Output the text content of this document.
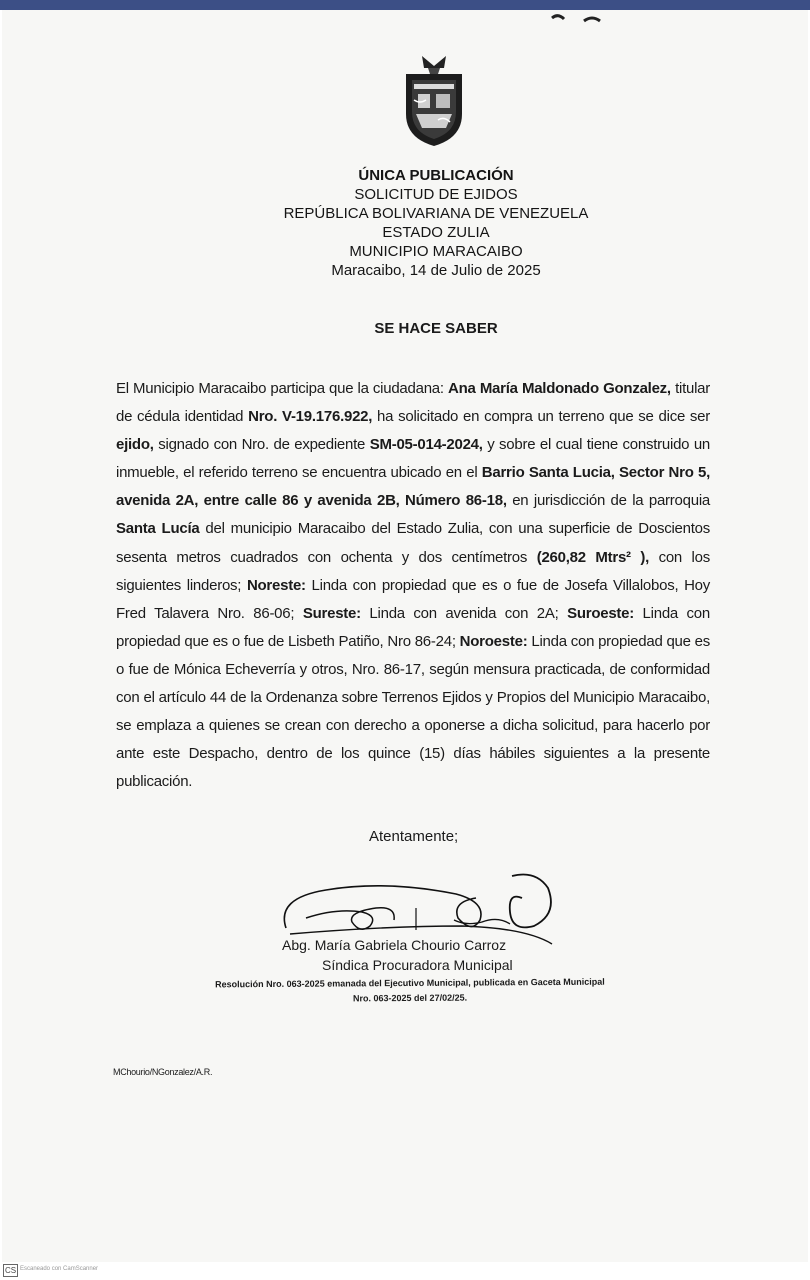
ÚNICA PUBLICACIÓN
SOLICITUD DE EJIDOS
REPÚBLICA BOLIVARIANA DE VENEZUELA
ESTADO ZULIA
MUNICIPIO MARACAIBO
Maracaibo, 14 de Julio de 2025
SE HACE SABER
El Municipio Maracaibo participa que la ciudadana: Ana María Maldonado Gonzalez, titular de cédula identidad Nro. V-19.176.922, ha solicitado en compra un terreno que se dice ser ejido, signado con Nro. de expediente SM-05-014-2024, y sobre el cual tiene construido un inmueble, el referido terreno se encuentra ubicado en el Barrio Santa Lucia, Sector Nro 5, avenida 2A, entre calle 86 y avenida 2B, Número 86-18, en jurisdicción de la parroquia Santa Lucía del municipio Maracaibo del Estado Zulia, con una superficie de Doscientos sesenta metros cuadrados con ochenta y dos centímetros (260,82 Mtrs² ), con los siguientes linderos; Noreste: Linda con propiedad que es o fue de Josefa Villalobos, Hoy Fred Talavera Nro. 86-06; Sureste: Linda con avenida con 2A; Suroeste: Linda con propiedad que es o fue de Lisbeth Patiño, Nro 86-24; Noroeste: Linda con propiedad que es o fue de Mónica Echeverría y otros, Nro. 86-17, según mensura practicada, de conformidad con el artículo 44 de la Ordenanza sobre Terrenos Ejidos y Propios del Municipio Maracaibo, se emplaza a quienes se crean con derecho a oponerse a dicha solicitud, para hacerlo por ante este Despacho, dentro de los quince (15) días hábiles siguientes a la presente publicación.
Atentamente;
Abg. María Gabriela Chourio Carroz
Síndica Procuradora Municipal
Resolución Nro. 063-2025 emanada del Ejecutivo Municipal, publicada en Gaceta Municipal
Nro. 063-2025 del 27/02/25.
MChourio/NGonzalez/A.R.
CS Escaneado con CamScanner
